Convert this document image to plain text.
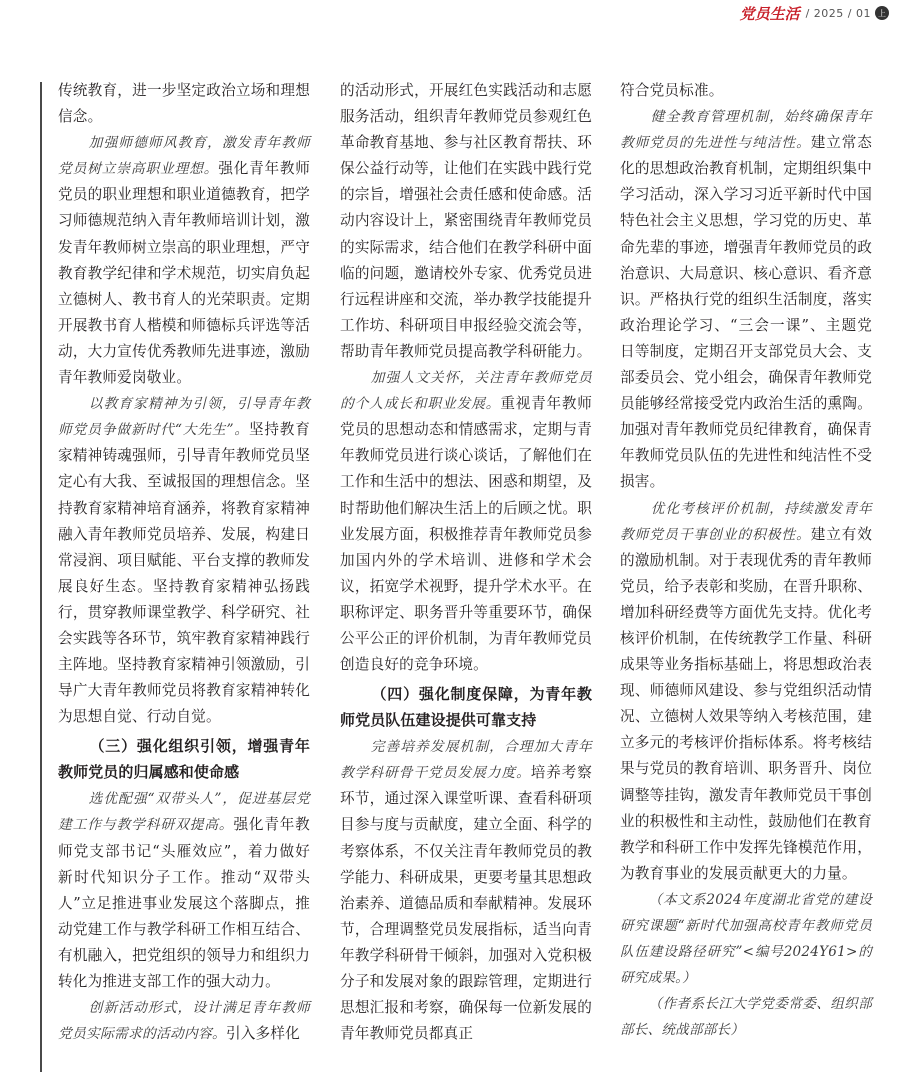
党员生活 / 2025 / 01 上

传统教育，进一步坚定政治立场和理想信念。

加强师德师风教育，激发青年教师党员树立崇高职业理想。强化青年教师党员的职业理想和职业道德教育，把学习师德规范纳入青年教师培训计划，激发青年教师树立崇高的职业理想，严守教育教学纪律和学术规范，切实肩负起立德树人、教书育人的光荣职责。定期开展教书育人楷模和师德标兵评选等活动，大力宣传优秀教师先进事迹，激励青年教师爱岗敬业。

以教育家精神为引领，引导青年教师党员争做新时代“大先生”。坚持教育家精神铸魂强师，引导青年教师党员坚定心有大我、至诚报国的理想信念。坚持教育家精神培育涵养，将教育家精神融入青年教师党员培养、发展，构建日常浸润、项目赋能、平台支撑的教师发展良好生态。坚持教育家精神弘扬践行，贯穿教师课堂教学、科学研究、社会实践等各环节，筑牢教育家精神践行主阵地。坚持教育家精神引领激励，引导广大青年教师党员将教育家精神转化为思想自觉、行动自觉。

（三）强化组织引领，增强青年教师党员的归属感和使命感

选优配强“双带头人”，促进基层党建工作与教学科研双提高。强化青年教师党支部书记“头雁效应”，着力做好新时代知识分子工作。推动“双带头人”立足推进事业发展这个落脚点，推动党建工作与教学科研工作相互结合、有机融入，把党组织的领导力和组织力转化为推进支部工作的强大动力。

创新活动形式，设计满足青年教师党员实际需求的活动内容。引入多样化

的活动形式，开展红色实践活动和志愿服务活动，组织青年教师党员参观红色革命教育基地、参与社区教育帮扶、环保公益行动等，让他们在实践中践行党的宗旨，增强社会责任感和使命感。活动内容设计上，紧密围绕青年教师党员的实际需求，结合他们在教学科研中面临的问题，邀请校外专家、优秀党员进行远程讲座和交流，举办教学技能提升工作坊、科研项目申报经验交流会等，帮助青年教师党员提高教学科研能力。

加强人文关怀，关注青年教师党员的个人成长和职业发展。重视青年教师党员的思想动态和情感需求，定期与青年教师党员进行谈心谈话，了解他们在工作和生活中的想法、困惑和期望，及时帮助他们解决生活上的后顾之忧。职业发展方面，积极推荐青年教师党员参加国内外的学术培训、进修和学术会议，拓宽学术视野，提升学术水平。在职称评定、职务晋升等重要环节，确保公平公正的评价机制，为青年教师党员创造良好的竞争环境。

（四）强化制度保障，为青年教师党员队伍建设提供可靠支持

完善培养发展机制，合理加大青年教学科研骨干党员发展力度。培养考察环节，通过深入课堂听课、查看科研项目参与度与贡献度，建立全面、科学的考察体系，不仅关注青年教师党员的教学能力、科研成果，更要考量其思想政治素养、道德品质和奉献精神。发展环节，合理调整党员发展指标，适当向青年教学科研骨干倾斜，加强对入党积极分子和发展对象的跟踪管理，定期进行思想汇报和考察，确保每一位新发展的青年教师党员都真正

符合党员标准。

健全教育管理机制，始终确保青年教师党员的先进性与纯洁性。建立常态化的思想政治教育机制，定期组织集中学习活动，深入学习习近平新时代中国特色社会主义思想，学习党的历史、革命先辈的事迹，增强青年教师党员的政治意识、大局意识、核心意识、看齐意识。严格执行党的组织生活制度，落实政治理论学习、“三会一课”、主题党日等制度，定期召开支部党员大会、支部委员会、党小组会，确保青年教师党员能够经常接受党内政治生活的熏陶。加强对青年教师党员纪律教育，确保青年教师党员队伍的先进性和纯洁性不受损害。

优化考核评价机制，持续激发青年教师党员干事创业的积极性。建立有效的激励机制。对于表现优秀的青年教师党员，给予表彰和奖励，在晋升职称、增加科研经费等方面优先支持。优化考核评价机制，在传统教学工作量、科研成果等业务指标基础上，将思想政治表现、师德师风建设、参与党组织活动情况、立德树人效果等纳入考核范围，建立多元的考核评价指标体系。将考核结果与党员的教育培训、职务晋升、岗位调整等挂钩，激发青年教师党员干事创业的积极性和主动性，鼓励他们在教育教学和科研工作中发挥先锋模范作用，为教育事业的发展贡献更大的力量。

（本文系2024年度湖北省党的建设研究课题“新时代加强高校青年教师党员队伍建设路径研究”<编号2024Y61>的研究成果。）

（作者系长江大学党委常委、组织部部长、统战部部长）
